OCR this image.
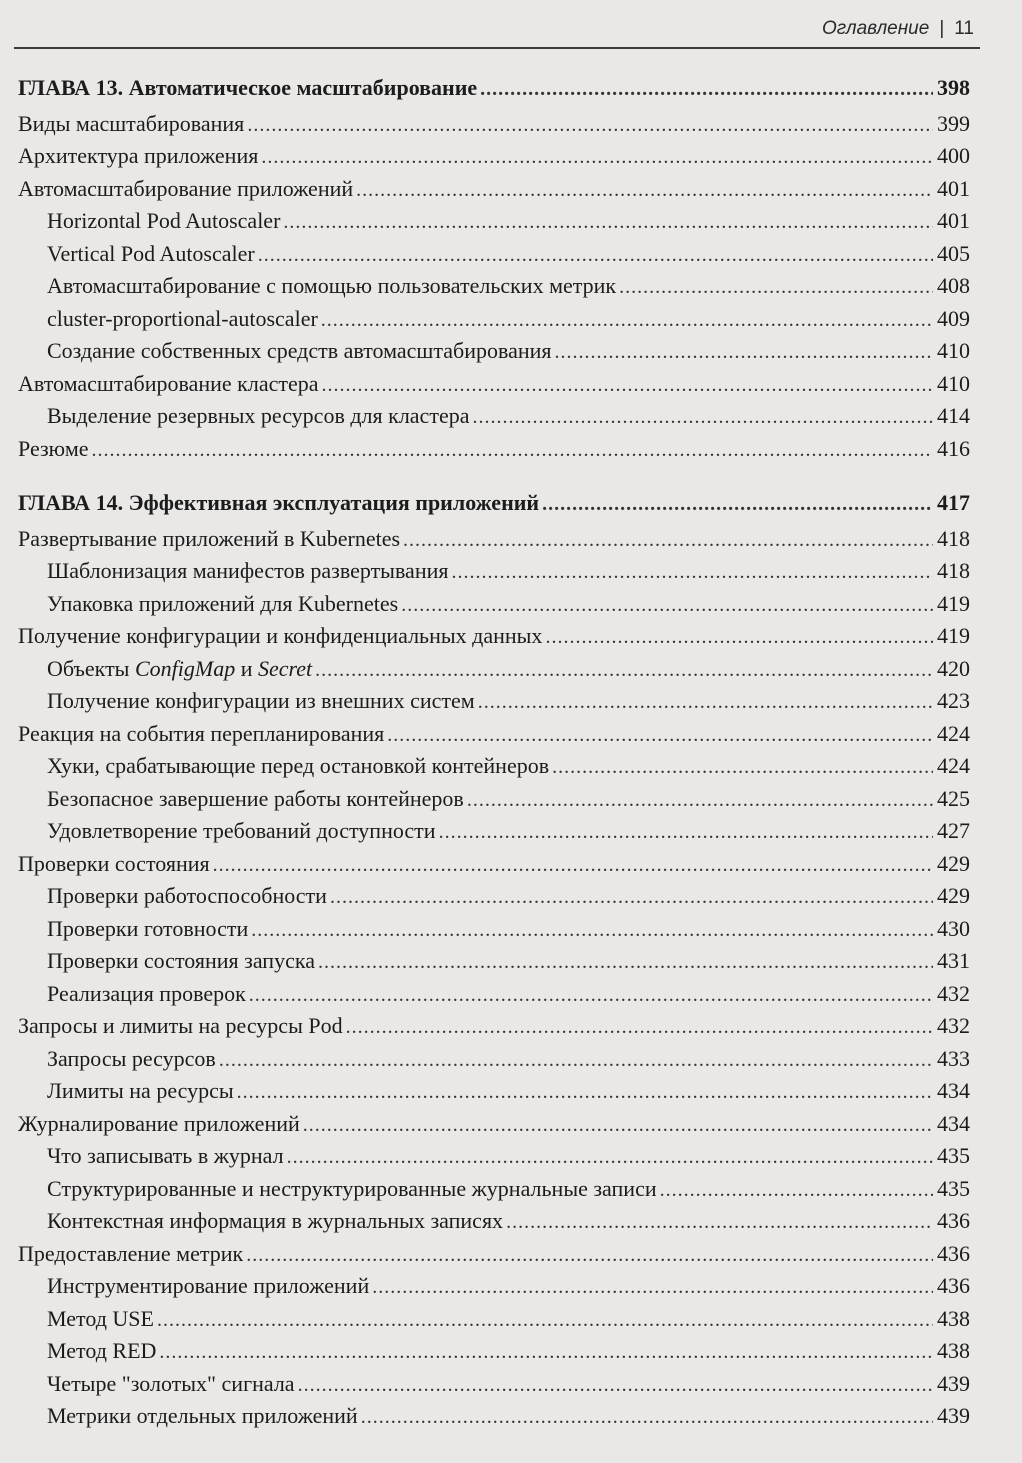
Оглавление | 11
ГЛАВА 13. Автоматическое масштабирование .....	398
Виды масштабирования .....	399
Архитектура приложения .....	400
Автомасштабирование приложений .....	401
Horizontal Pod Autoscaler .....	401
Vertical Pod Autoscaler .....	405
Автомасштабирование с помощью пользовательских метрик .....	408
cluster-proportional-autoscaler .....	409
Создание собственных средств автомасштабирования .....	410
Автомасштабирование кластера .....	410
Выделение резервных ресурсов для кластера .....	414
Резюме .....	416
ГЛАВА 14. Эффективная эксплуатация приложений .....	417
Развертывание приложений в Kubernetes .....	418
Шаблонизация манифестов развертывания .....	418
Упаковка приложений для Kubernetes .....	419
Получение конфигурации и конфиденциальных данных .....	419
Объекты ConfigMap и Secret .....	420
Получение конфигурации из внешних систем .....	423
Реакция на события перепланирования .....	424
Хуки, срабатывающие перед остановкой контейнеров .....	424
Безопасное завершение работы контейнеров .....	425
Удовлетворение требований доступности .....	427
Проверки состояния .....	429
Проверки работоспособности .....	429
Проверки готовности .....	430
Проверки состояния запуска .....	431
Реализация проверок .....	432
Запросы и лимиты на ресурсы Pod .....	432
Запросы ресурсов .....	433
Лимиты на ресурсы .....	434
Журналирование приложений .....	434
Что записывать в журнал .....	435
Структурированные и неструктурированные журнальные записи .....	435
Контекстная информация в журнальных записях .....	436
Предоставление метрик .....	436
Инструментирование приложений .....	436
Метод USE .....	438
Метод RED .....	438
Четыре "золотых" сигнала .....	439
Метрики отдельных приложений .....	439
